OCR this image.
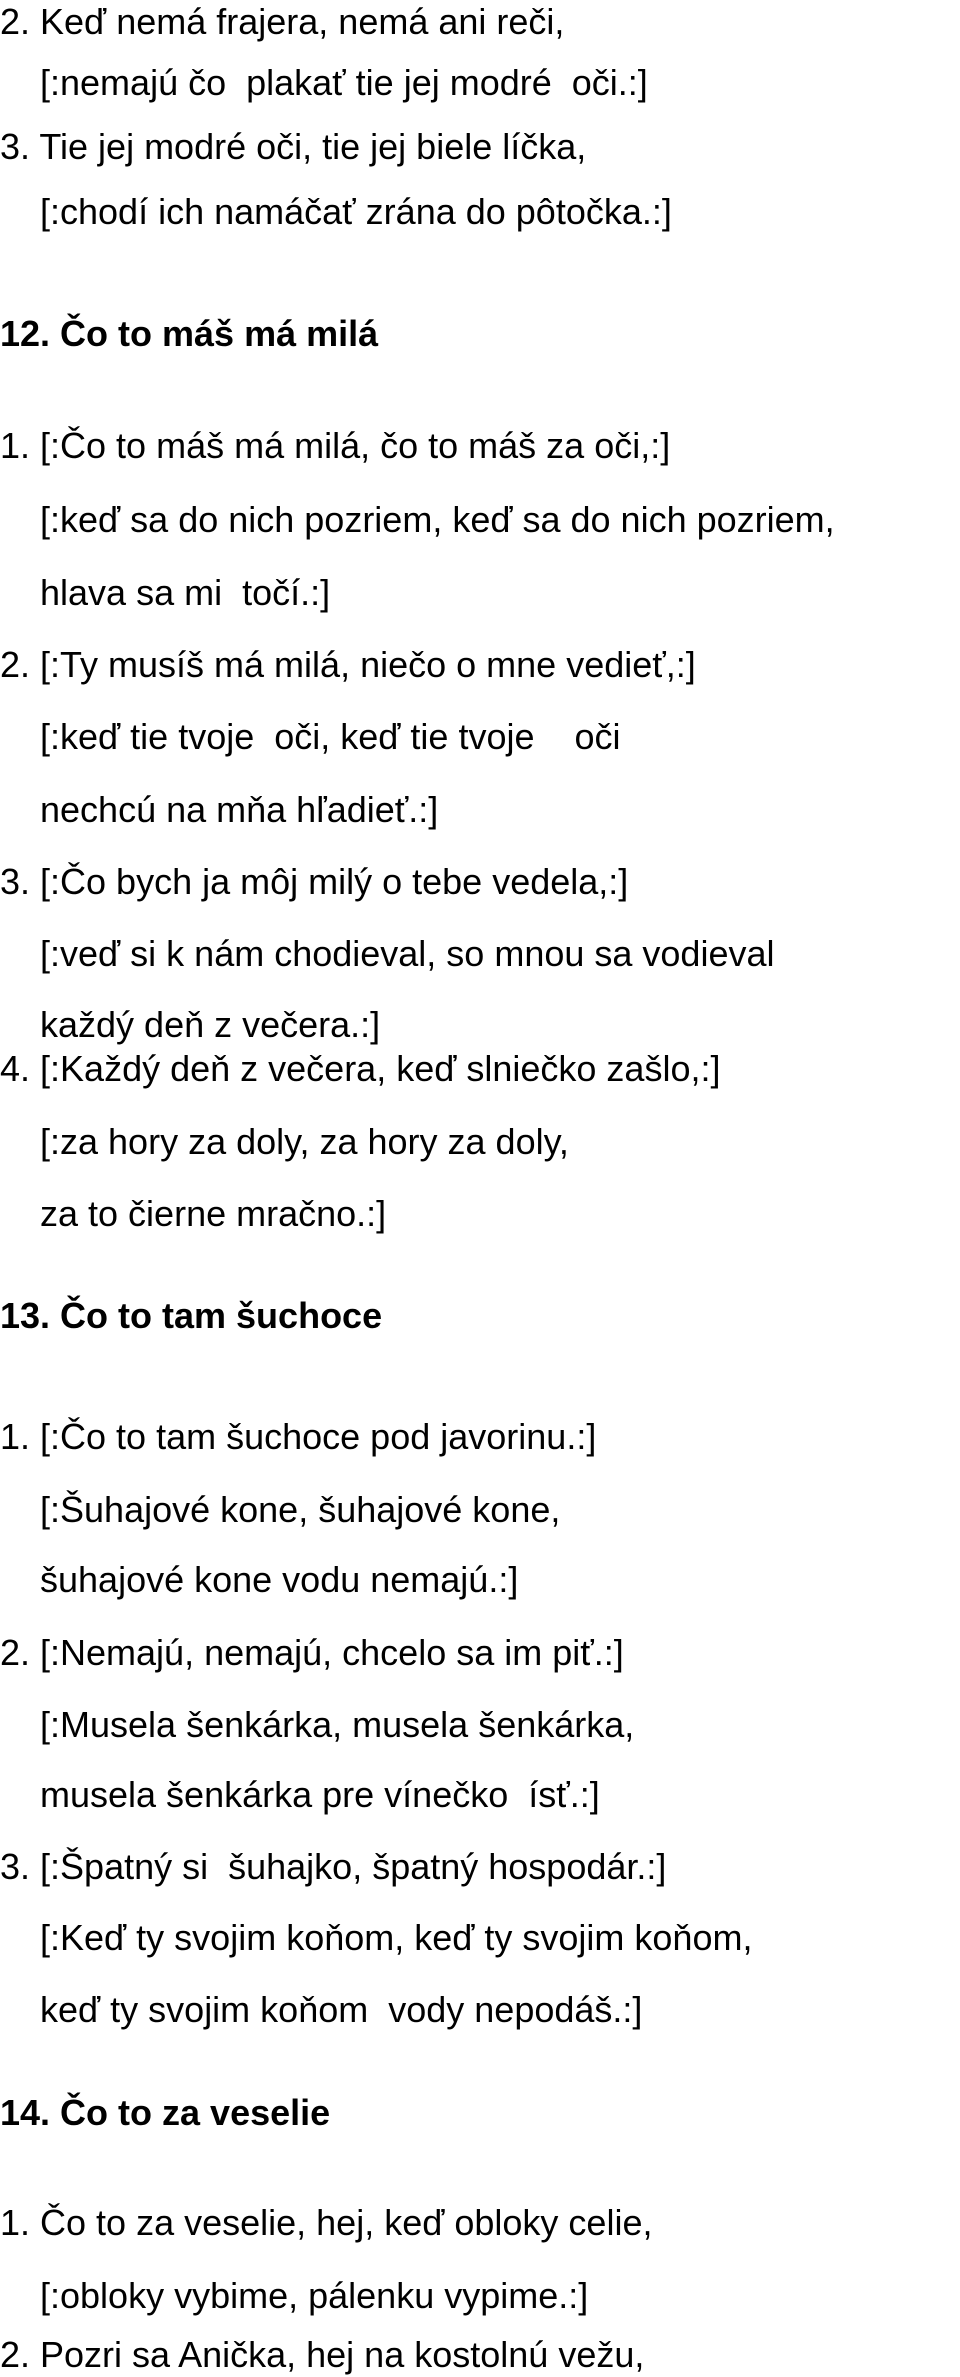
2. Keď nemá frajera, nemá ani reči,
[:nemajú čo  plakať tie jej modré  oči.:]
3. Tie jej modré oči, tie jej biele líčka,
[:chodí ich namáčať zrána do pôtočka.:]
12. Čo to máš má milá
1. [:Čo to máš má milá, čo to máš za oči,:]
[:keď sa do nich pozriem, keď sa do nich pozriem,
hlava sa mi  točí.:]
2. [:Ty musíš má milá, niečo o mne vedieť,:]
[:keď tie tvoje  oči, keď tie tvoje    oči
nechcú na mňa hľadieť.:]
3. [:Čo bych ja môj milý o tebe vedela,:]
[:veď si k nám chodieval, so mnou sa vodieval
každý deň z večera.:]
4. [:Každý deň z večera, keď slniečko zašlo,:]
[:za hory za doly, za hory za doly,
za to čierne mračno.:]
13. Čo to tam šuchoce
1. [:Čo to tam šuchoce pod javorinu.:]
[:Šuhajové kone, šuhajové kone,
šuhajové kone vodu nemajú.:]
2. [:Nemajú, nemajú, chcelo sa im piť.:]
[:Musela šenkárka, musela šenkárka,
musela šenkárka pre vínečko  ísť.:]
3. [:Špatný si  šuhajko, špatný hospodár.:]
[:Keď ty svojim koňom, keď ty svojim koňom,
keď ty svojim koňom  vody nepodáš.:]
14. Čo to za veselie
1. Čo to za veselie, hej, keď obloky celie,
[:obloky vybime, pálenku vypime.:]
2. Pozri sa Anička, hej na kostolnú vežu,
